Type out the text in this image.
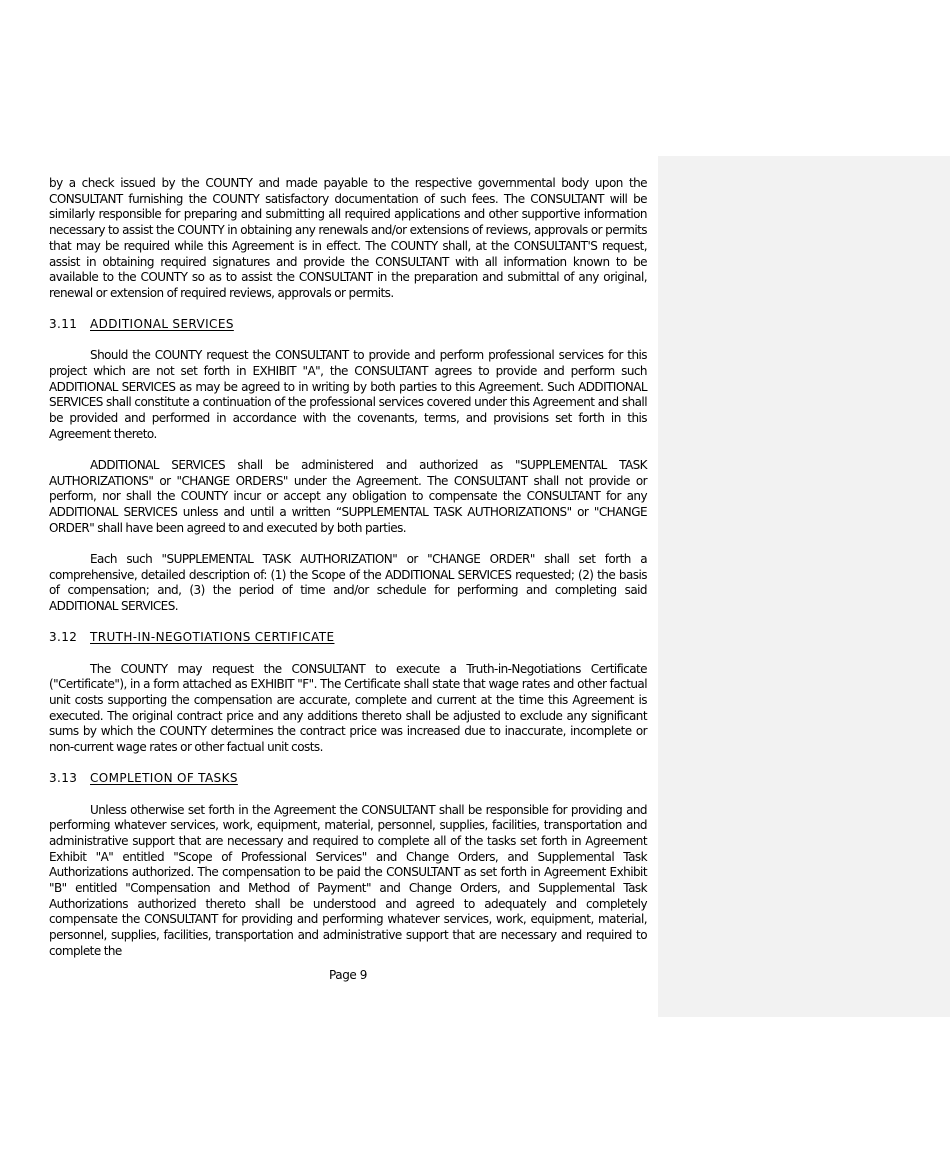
by a check issued by the COUNTY and made payable to the respective governmental body upon the CONSULTANT furnishing the COUNTY satisfactory documentation of such fees. The CONSULTANT will be similarly responsible for preparing and submitting all required applications and other supportive information necessary to assist the COUNTY in obtaining any renewals and/or extensions of reviews, approvals or permits that may be required while this Agreement is in effect. The COUNTY shall, at the CONSULTANT'S request, assist in obtaining required signatures and provide the CONSULTANT with all information known to be available to the COUNTY so as to assist the CONSULTANT in the preparation and submittal of any original, renewal or extension of required reviews, approvals or permits.

3.11 ADDITIONAL SERVICES

Should the COUNTY request the CONSULTANT to provide and perform professional services for this project which are not set forth in EXHIBIT "A", the CONSULTANT agrees to provide and perform such ADDITIONAL SERVICES as may be agreed to in writing by both parties to this Agreement. Such ADDITIONAL SERVICES shall constitute a continuation of the professional services covered under this Agreement and shall be provided and performed in accordance with the covenants, terms, and provisions set forth in this Agreement thereto.

ADDITIONAL SERVICES shall be administered and authorized as "SUPPLEMENTAL TASK AUTHORIZATIONS" or "CHANGE ORDERS" under the Agreement. The CONSULTANT shall not provide or perform, nor shall the COUNTY incur or accept any obligation to compensate the CONSULTANT for any ADDITIONAL SERVICES unless and until a written “SUPPLEMENTAL TASK AUTHORIZATIONS" or "CHANGE ORDER" shall have been agreed to and executed by both parties.

Each such "SUPPLEMENTAL TASK AUTHORIZATION" or "CHANGE ORDER" shall set forth a comprehensive, detailed description of: (1) the Scope of the ADDITIONAL SERVICES requested; (2) the basis of compensation; and, (3) the period of time and/or schedule for performing and completing said ADDITIONAL SERVICES.

3.12 TRUTH-IN-NEGOTIATIONS CERTIFICATE

The COUNTY may request the CONSULTANT to execute a Truth-in-Negotiations Certificate ("Certificate"), in a form attached as EXHIBIT "F". The Certificate shall state that wage rates and other factual unit costs supporting the compensation are accurate, complete and current at the time this Agreement is executed. The original contract price and any additions thereto shall be adjusted to exclude any significant sums by which the COUNTY determines the contract price was increased due to inaccurate, incomplete or non-current wage rates or other factual unit costs.

3.13 COMPLETION OF TASKS

Unless otherwise set forth in the Agreement the CONSULTANT shall be responsible for providing and performing whatever services, work, equipment, material, personnel, supplies, facilities, transportation and administrative support that are necessary and required to complete all of the tasks set forth in Agreement Exhibit "A" entitled "Scope of Professional Services" and Change Orders, and Supplemental Task Authorizations authorized. The compensation to be paid the CONSULTANT as set forth in Agreement Exhibit "B" entitled "Compensation and Method of Payment" and Change Orders, and Supplemental Task Authorizations authorized thereto shall be understood and agreed to adequately and completely compensate the CONSULTANT for providing and performing whatever services, work, equipment, material, personnel, supplies, facilities, transportation and administrative support that are necessary and required to complete the

Page 9
